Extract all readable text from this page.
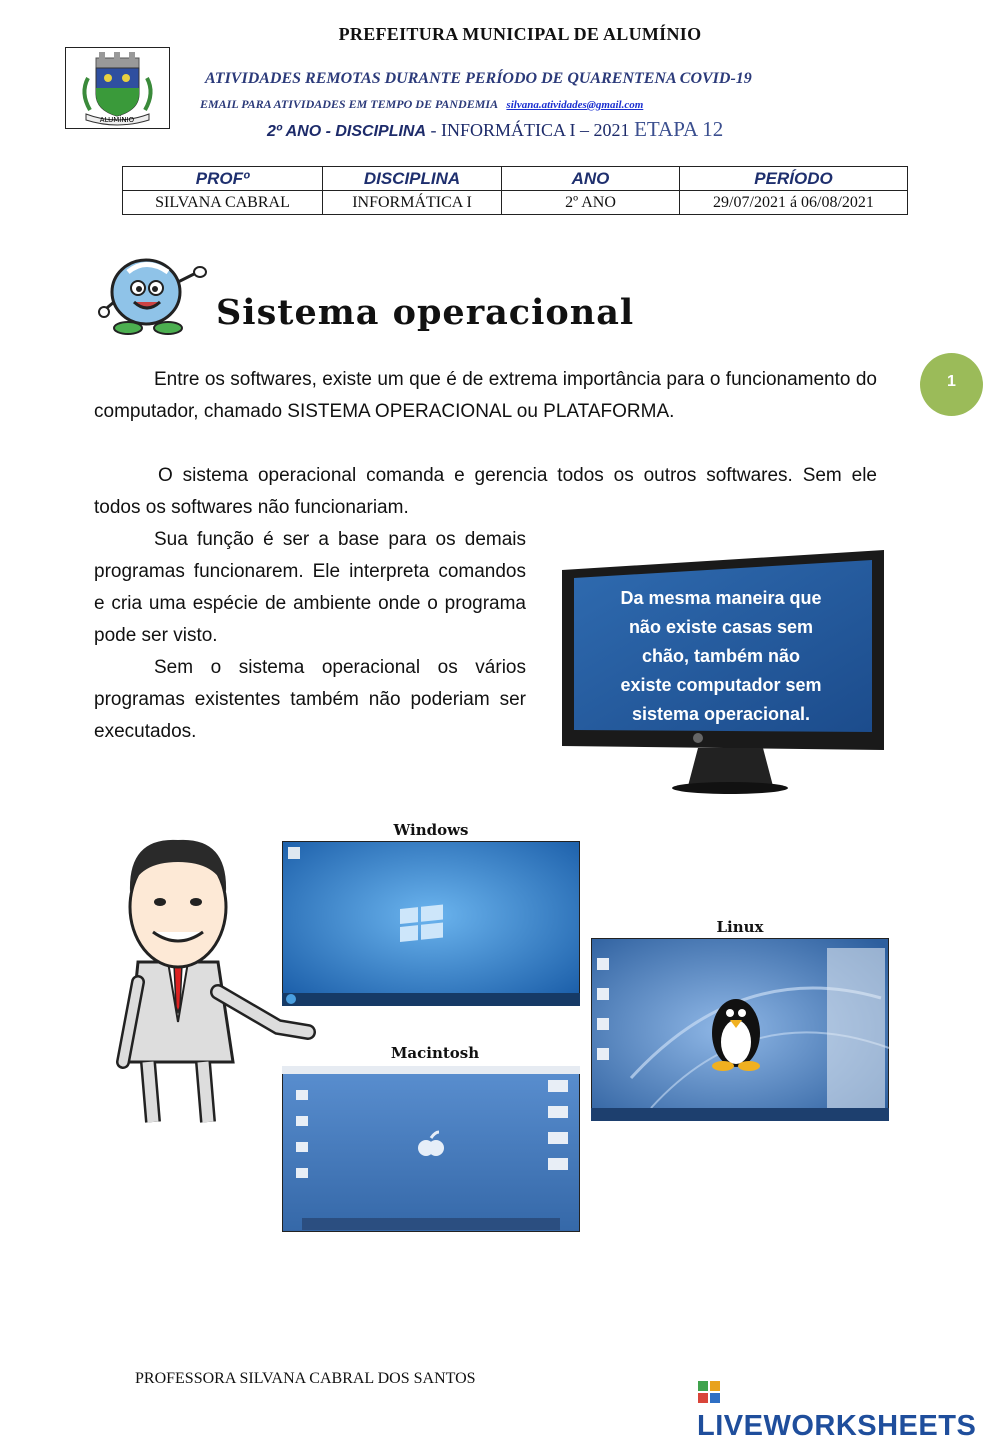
PREFEITURA MUNICIPAL DE ALUMÍNIO
ALUMÍNIO
ATIVIDADES REMOTAS DURANTE PERÍODO DE QUARENTENA COVID-19
EMAIL PARA ATIVIDADES EM TEMPO DE PANDEMIA silvana.atividades@gmail.com
2º ANO - DISCIPLINA - INFORMÁTICA I – 2021 ETAPA 12
PROFº	DISCIPLINA	ANO	PERÍODO
SILVANA CABRAL	INFORMÁTICA I	2º ANO	29/07/2021 á 06/08/2021
1
Sistema operacional
Entre os softwares, existe um que é de extrema importância para o funcionamento do computador, chamado SISTEMA OPERACIONAL ou PLATAFORMA.
O sistema operacional comanda e gerencia todos os outros softwares. Sem ele todos os softwares não funcionariam.
Sua função é ser a base para os demais programas funcionarem. Ele interpreta comandos e cria uma espécie de ambiente onde o programa pode ser visto.
Sem o sistema operacional os vários programas existentes também não poderiam ser executados.
Da mesma maneira que
não existe casas sem
chão, também não
existe computador sem
sistema operacional.
Windows
Linux
Macintosh
PROFESSORA SILVANA CABRAL DOS SANTOS
LIVEWORKSHEETS
